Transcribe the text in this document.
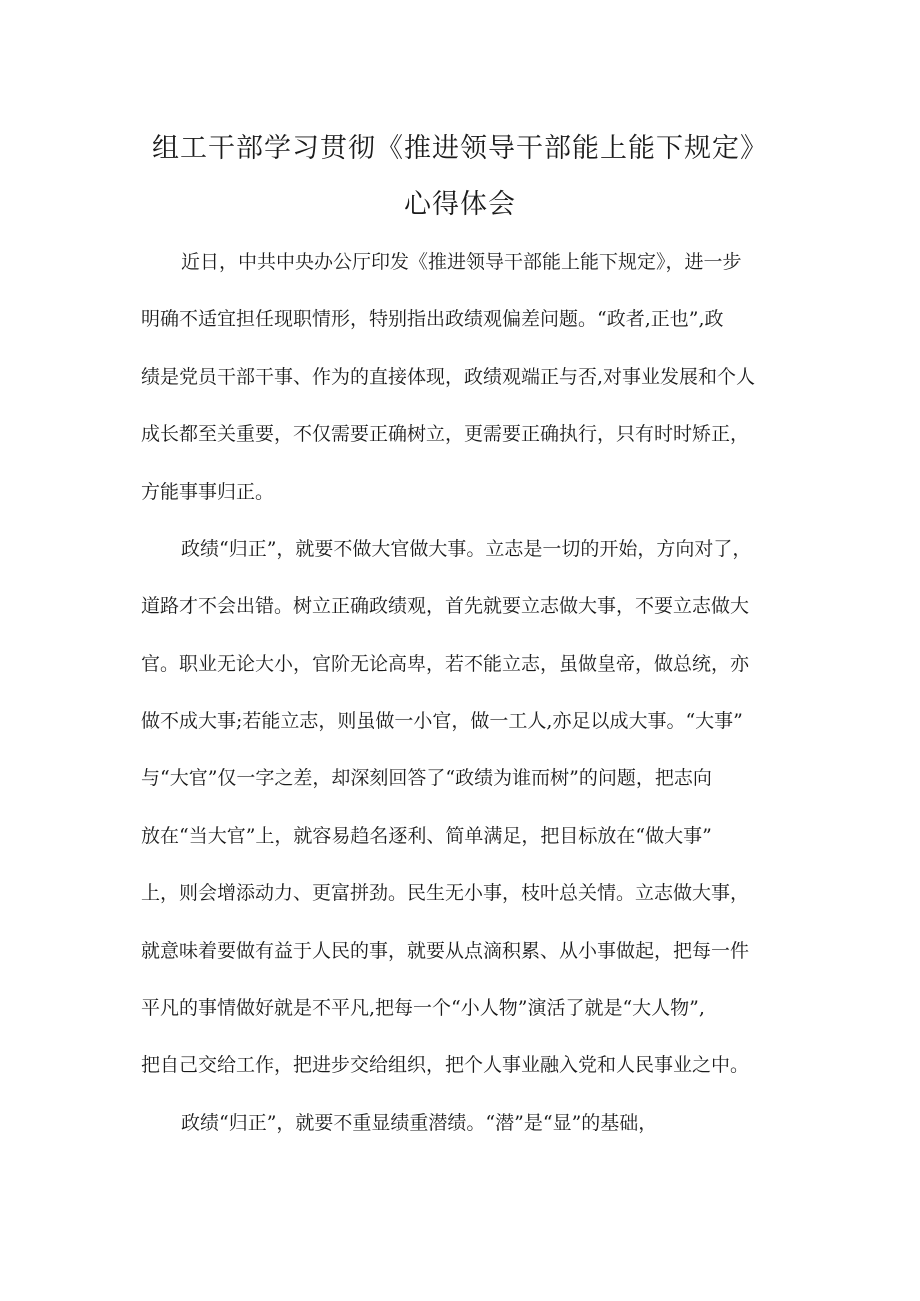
组工干部学习贯彻《推进领导干部能上能下规定》
心得体会
近日，中共中央办公厅印发《推进领导干部能上能下规定》，进一步
明确不适宜担任现职情形，特别指出政绩观偏差问题。“政者,正也”,政
绩是党员干部干事、作为的直接体现，政绩观端正与否,对事业发展和个人
成长都至关重要，不仅需要正确树立，更需要正确执行，只有时时矫正，
方能事事归正。
政绩“归正”，就要不做大官做大事。立志是一切的开始，方向对了，
道路才不会出错。树立正确政绩观，首先就要立志做大事，不要立志做大
官。职业无论大小，官阶无论高卑，若不能立志，虽做皇帝，做总统，亦
做不成大事;若能立志，则虽做一小官，做一工人,亦足以成大事。“大事”
与“大官”仅一字之差，却深刻回答了“政绩为谁而树”的问题，把志向
放在“当大官”上，就容易趋名逐利、简单满足，把目标放在“做大事”
上，则会增添动力、更富拼劲。民生无小事，枝叶总关情。立志做大事，
就意味着要做有益于人民的事，就要从点滴积累、从小事做起，把每一件
平凡的事情做好就是不平凡,把每一个“小人物”演活了就是“大人物”,
把自己交给工作，把进步交给组织，把个人事业融入党和人民事业之中。
政绩“归正”，就要不重显绩重潜绩。“潜”是“显”的基础，
